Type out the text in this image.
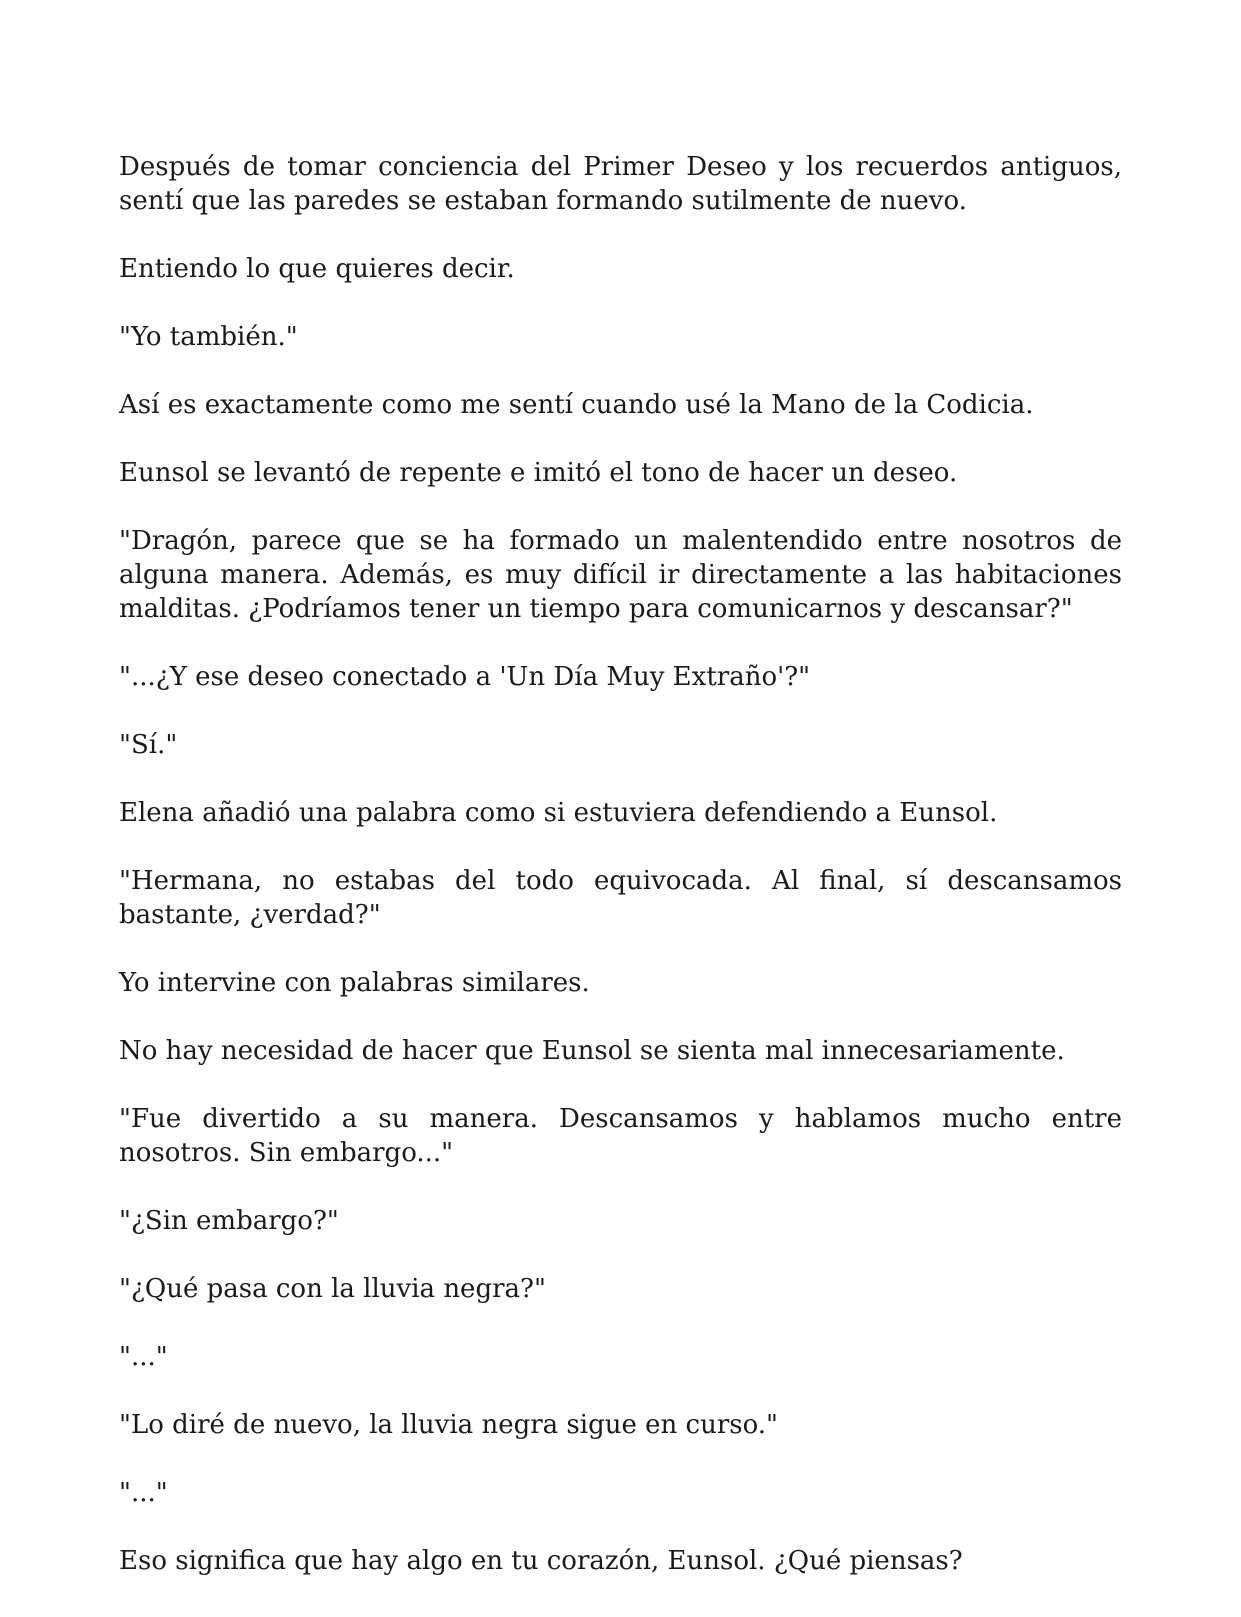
Después de tomar conciencia del Primer Deseo y los recuerdos antiguos, sentí que las paredes se estaban formando sutilmente de nuevo.

Entiendo lo que quieres decir.

"Yo también."

Así es exactamente como me sentí cuando usé la Mano de la Codicia.

Eunsol se levantó de repente e imitó el tono de hacer un deseo.

"Dragón, parece que se ha formado un malentendido entre nosotros de alguna manera. Además, es muy difícil ir directamente a las habitaciones malditas. ¿Podríamos tener un tiempo para comunicarnos y descansar?"

"...¿Y ese deseo conectado a 'Un Día Muy Extraño'?"

"Sí."

Elena añadió una palabra como si estuviera defendiendo a Eunsol.

"Hermana, no estabas del todo equivocada. Al final, sí descansamos bastante, ¿verdad?"

Yo intervine con palabras similares.

No hay necesidad de hacer que Eunsol se sienta mal innecesariamente.

"Fue divertido a su manera. Descansamos y hablamos mucho entre nosotros. Sin embargo..."

"¿Sin embargo?"

"¿Qué pasa con la lluvia negra?"

"..."

"Lo diré de nuevo, la lluvia negra sigue en curso."

"..."

Eso significa que hay algo en tu corazón, Eunsol. ¿Qué piensas?
